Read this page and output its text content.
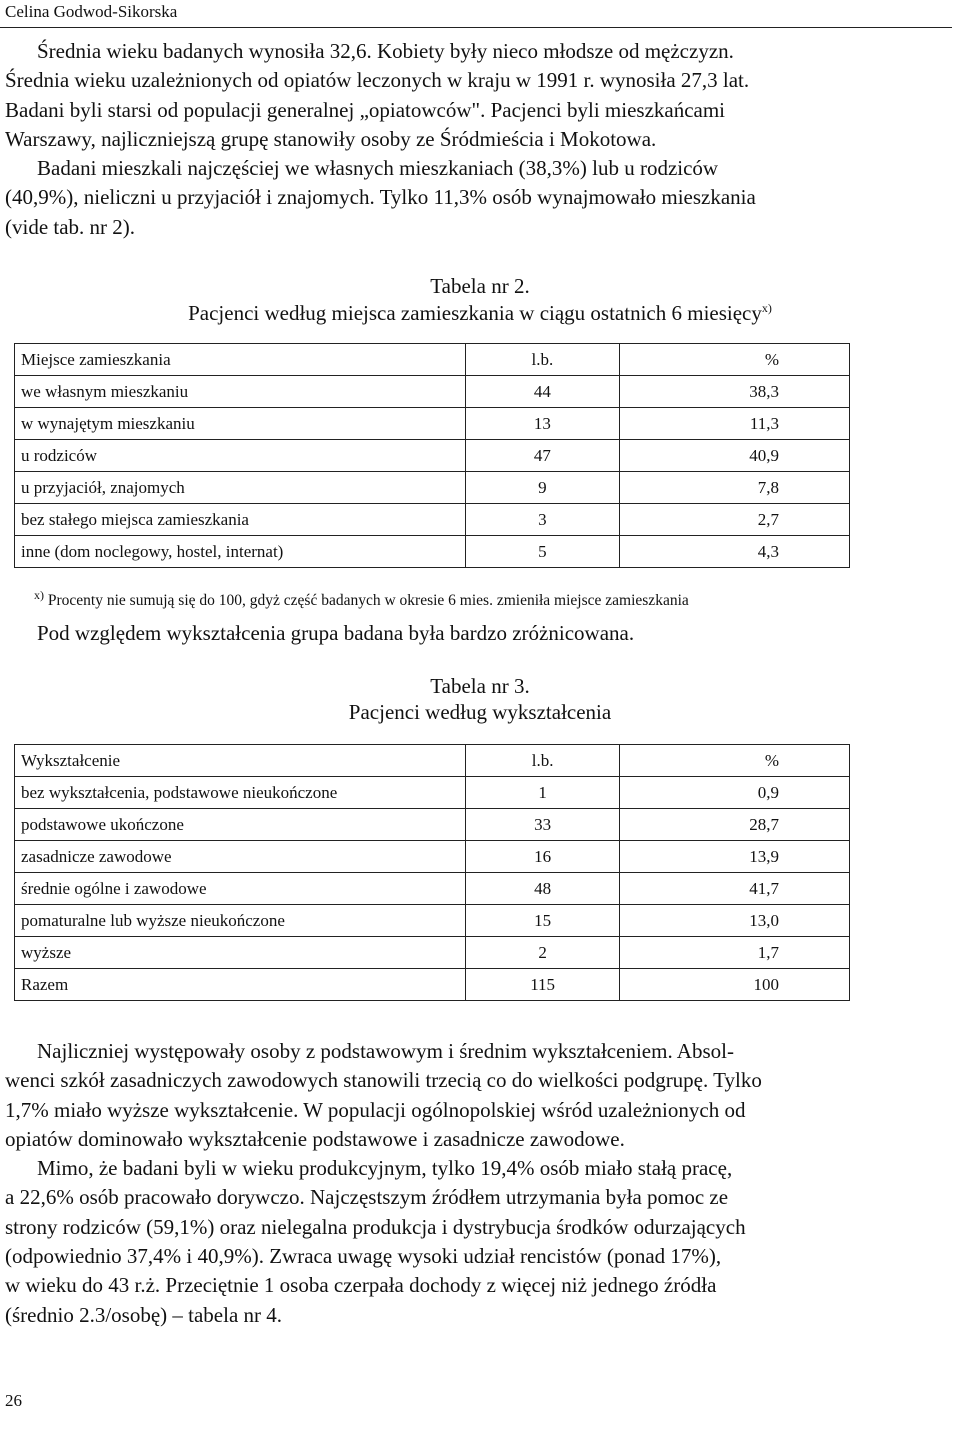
Celina Godwod-Sikorska
Średnia wieku badanych wynosiła 32,6. Kobiety były nieco młodsze od mężczyzn.
Średnia wieku uzależnionych od opiatów leczonych w kraju w 1991 r. wynosiła 27,3 lat.
Badani byli starsi od populacji generalnej „opiatowców". Pacjenci byli mieszkańcami
Warszawy, najliczniejszą grupę stanowiły osoby ze Śródmieścia i Mokotowa.
Badani mieszkali najczęściej we własnych mieszkaniach (38,3%) lub u rodziców
(40,9%), nieliczni u przyjaciół i znajomych. Tylko 11,3% osób wynajmowało mieszkania
(vide tab. nr 2).
Tabela nr 2.
Pacjenci według miejsca zamieszkania w ciągu ostatnich 6 miesięcy$^{x)}$
Miejsce zamieszkania	l.b.	%
we własnym mieszkaniu	44	38,3
w wynajętym mieszkaniu	13	11,3
u rodziców	47	40,9
u przyjaciół, znajomych	9	7,8
bez stałego miejsca zamieszkania	3	2,7
inne (dom noclegowy, hostel, internat)	5	4,3
$^{x)}$ Procenty nie sumują się do 100, gdyż część badanych w okresie 6 mies. zmieniła miejsce zamieszkania
Pod względem wykształcenia grupa badana była bardzo zróżnicowana.
Tabela nr 3.
Pacjenci według wykształcenia
Wykształcenie	l.b.	%
bez wykształcenia, podstawowe nieukończone	1	0,9
podstawowe ukończone	33	28,7
zasadnicze zawodowe	16	13,9
średnie ogólne i zawodowe	48	41,7
pomaturalne lub wyższe nieukończone	15	13,0
wyższe	2	1,7
Razem	115	100
Najliczniej występowały osoby z podstawowym i średnim wykształceniem. Absol-
wenci szkół zasadniczych zawodowych stanowili trzecią co do wielkości podgrupę. Tylko
1,7% miało wyższe wykształcenie. W populacji ogólnopolskiej wśród uzależnionych od
opiatów dominowało wykształcenie podstawowe i zasadnicze zawodowe.
Mimo, że badani byli w wieku produkcyjnym, tylko 19,4% osób miało stałą pracę,
a 22,6% osób pracowało dorywczo. Najczęstszym źródłem utrzymania była pomoc ze
strony rodziców (59,1%) oraz nielegalna produkcja i dystrybucja środków odurzających
(odpowiednio 37,4% i 40,9%). Zwraca uwagę wysoki udział rencistów (ponad 17%),
w wieku do 43 r.ż. Przeciętnie 1 osoba czerpała dochody z więcej niż jednego źródła
(średnio 2.3/osobę) – tabela nr 4.
26
